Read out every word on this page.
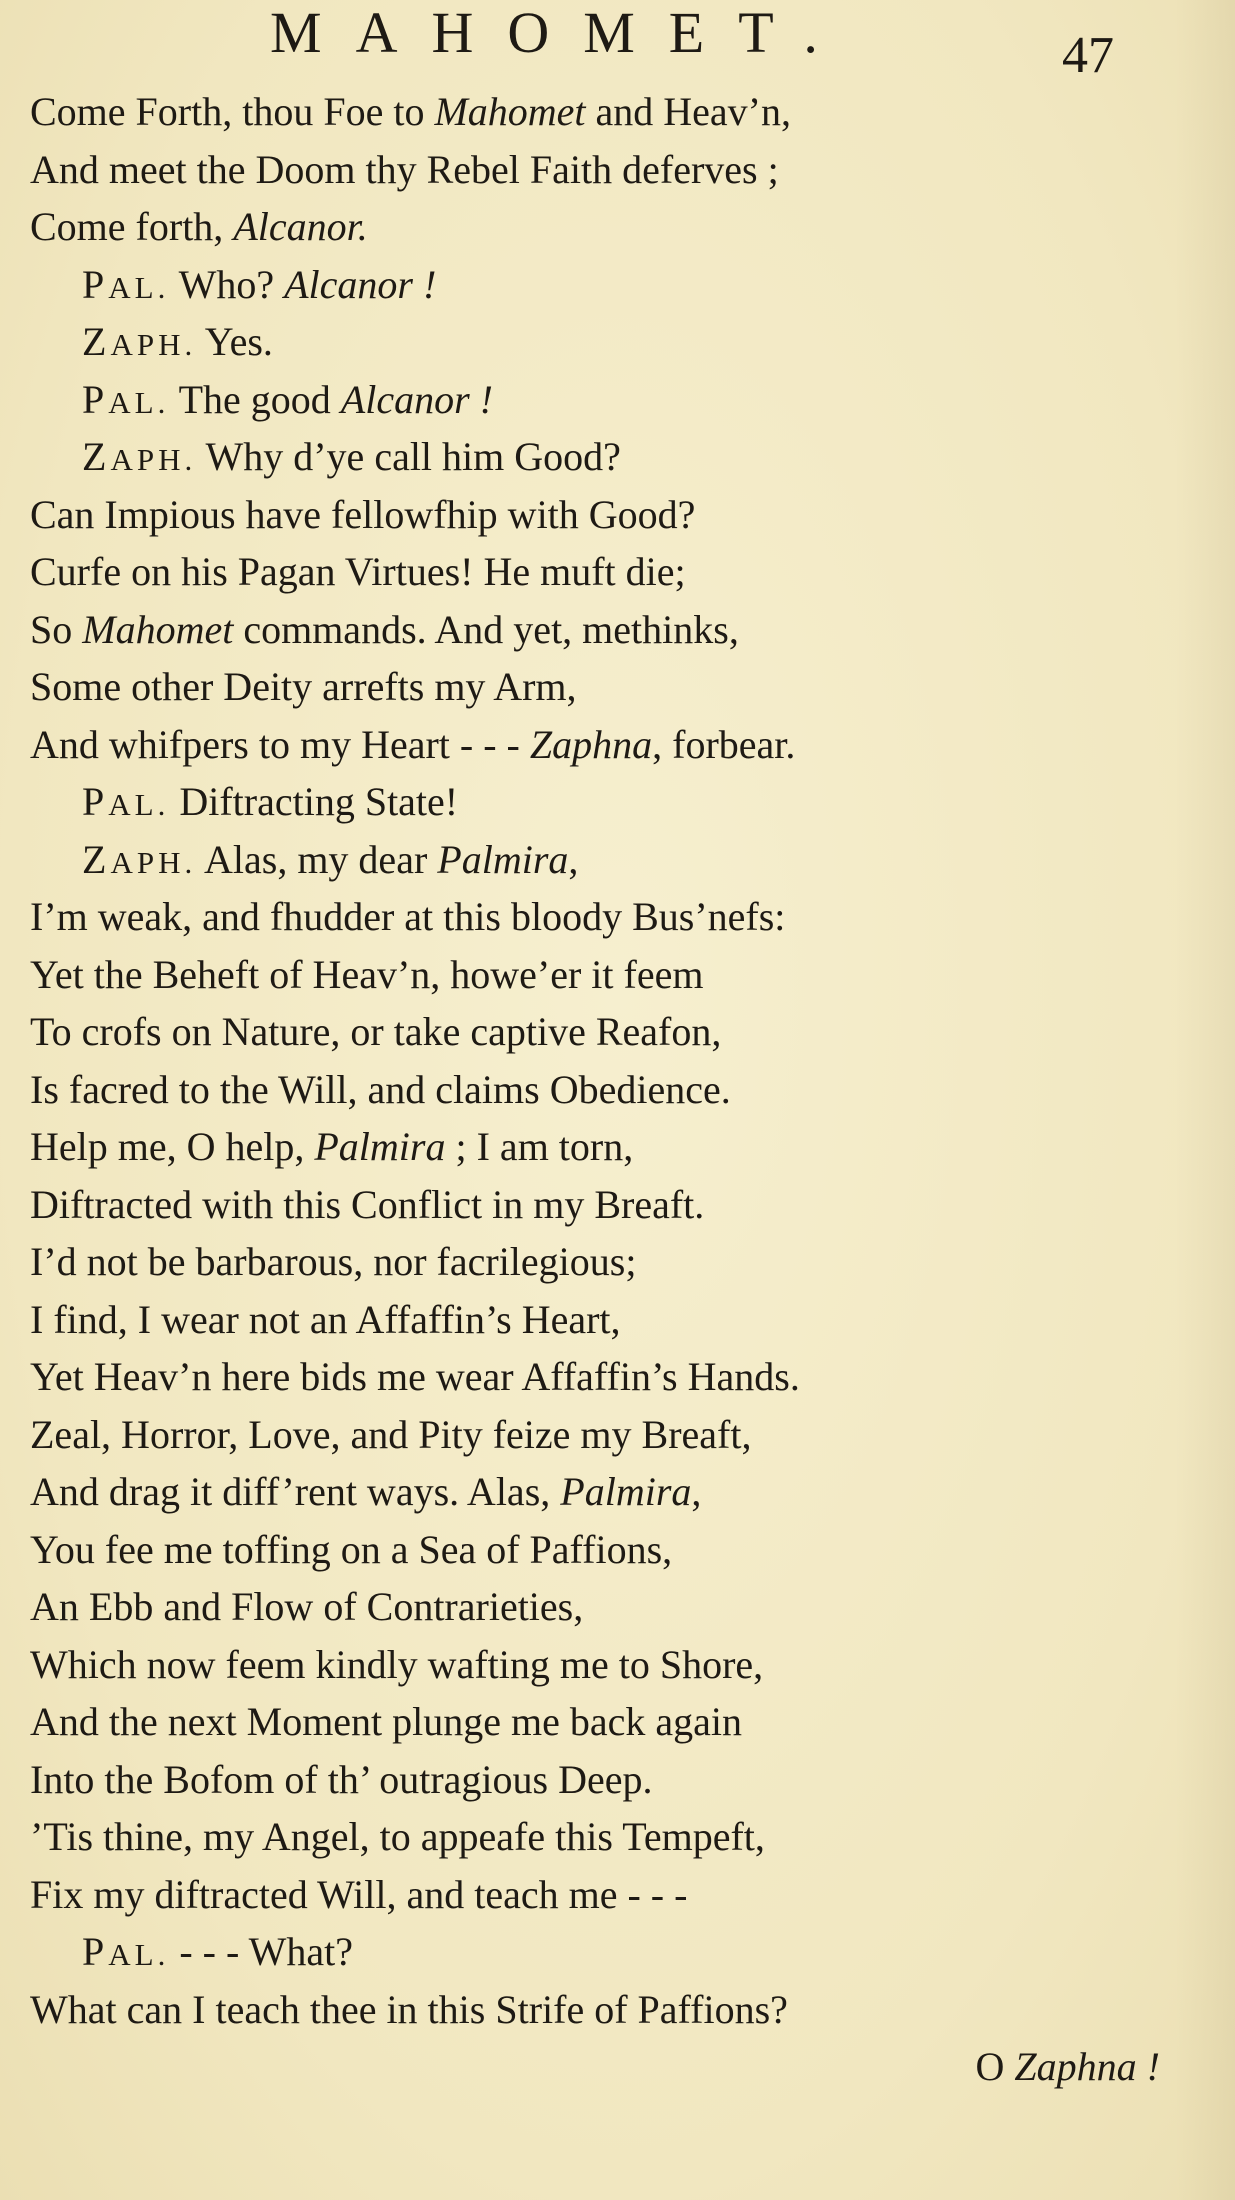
MAHOMET.	47
Come Forth, thou Foe to Mahomet and Heav’n,
And meet the Doom thy Rebel Faith deferves ;
Come forth, Alcanor.
PAL. Who? Alcanor !
ZAPH. Yes.
PAL. The good Alcanor !
ZAPH. Why d’ye call him Good?
Can Impious have fellowfhip with Good?
Curfe on his Pagan Virtues! He muft die;
So Mahomet commands. And yet, methinks,
Some other Deity arrefts my Arm,
And whifpers to my Heart - - - Zaphna, forbear.
PAL. Diftracting State!
ZAPH. Alas, my dear Palmira,
I’m weak, and fhudder at this bloody Bus’nefs:
Yet the Beheft of Heav’n, howe’er it feem
To crofs on Nature, or take captive Reafon,
Is facred to the Will, and claims Obedience.
Help me, O help, Palmira ; I am torn,
Diftracted with this Conflict in my Breaft.
I’d not be barbarous, nor facrilegious;
I find, I wear not an Affaffin’s Heart,
Yet Heav’n here bids me wear Affaffin’s Hands.
Zeal, Horror, Love, and Pity feize my Breaft,
And drag it diff’rent ways. Alas, Palmira,
You fee me toffing on a Sea of Paffions,
An Ebb and Flow of Contrarieties,
Which now feem kindly wafting me to Shore,
And the next Moment plunge me back again
Into the Bofom of th’ outragious Deep.
’Tis thine, my Angel, to appeafe this Tempeft,
Fix my diftracted Will, and teach me - - -
PAL. - - - What?
What can I teach thee in this Strife of Paffions?
O Zaphna !
